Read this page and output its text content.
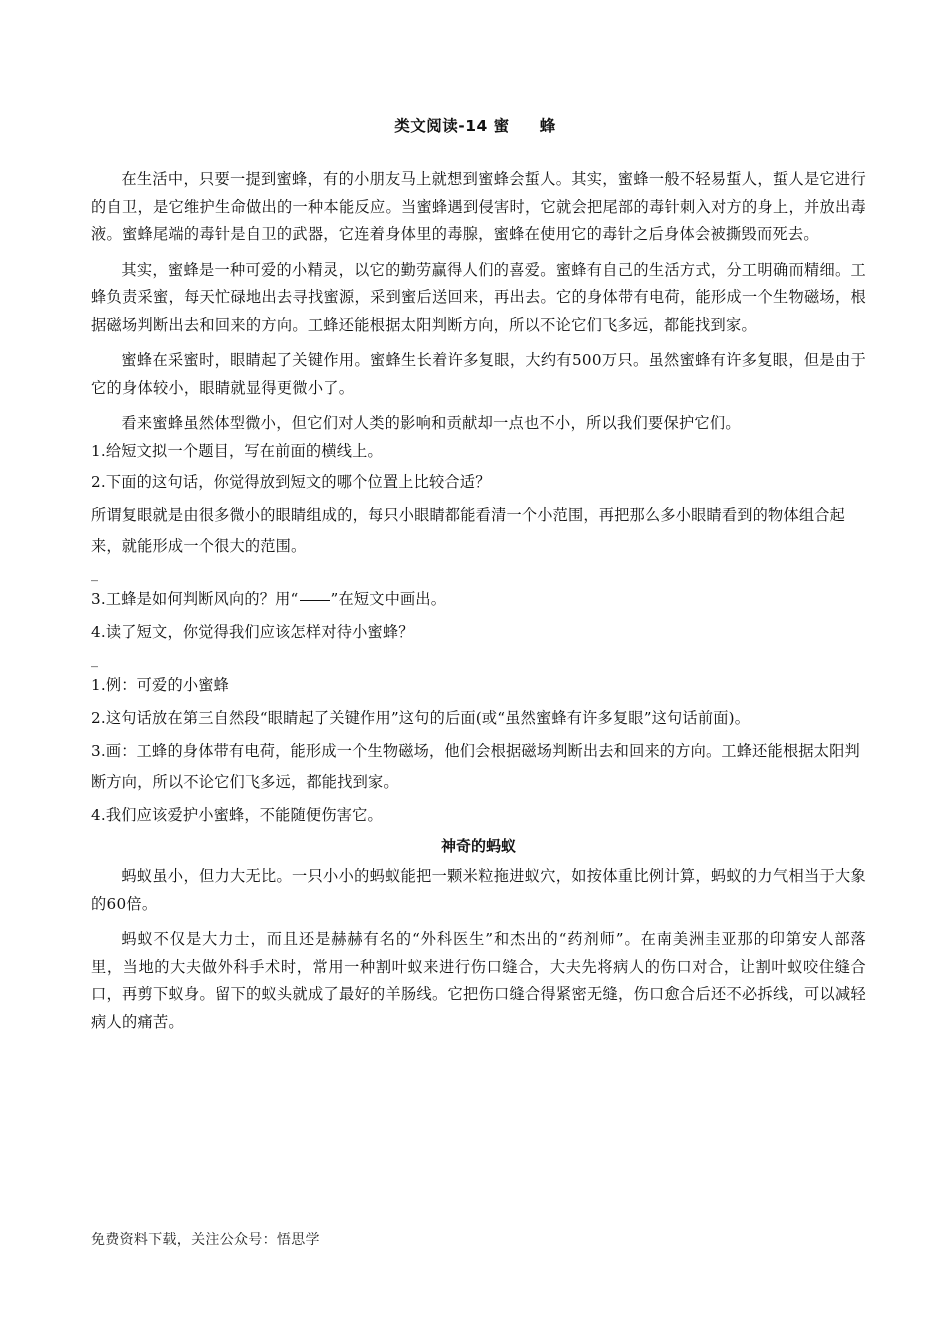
类文阅读-14 蜜 蜂

在生活中，只要一提到蜜蜂，有的小朋友马上就想到蜜蜂会蜇人。其实，蜜蜂一般不轻易蜇人，蜇人是它进行的自卫，是它维护生命做出的一种本能反应。当蜜蜂遇到侵害时，它就会把尾部的毒针刺入对方的身上，并放出毒液。蜜蜂尾端的毒针是自卫的武器，它连着身体里的毒腺，蜜蜂在使用它的毒针之后身体会被撕毁而死去。

其实，蜜蜂是一种可爱的小精灵，以它的勤劳赢得人们的喜爱。蜜蜂有自己的生活方式，分工明确而精细。工蜂负责采蜜，每天忙碌地出去寻找蜜源，采到蜜后送回来，再出去。它的身体带有电荷，能形成一个生物磁场，根据磁场判断出去和回来的方向。工蜂还能根据太阳判断方向，所以不论它们飞多远，都能找到家。

蜜蜂在采蜜时，眼睛起了关键作用。蜜蜂生长着许多复眼，大约有500万只。虽然蜜蜂有许多复眼，但是由于它的身体较小，眼睛就显得更微小了。

看来蜜蜂虽然体型微小，但它们对人类的影响和贡献却一点也不小，所以我们要保护它们。

1.给短文拟一个题目，写在前面的横线上。
2.下面的这句话，你觉得放到短文的哪个位置上比较合适？
所谓复眼就是由很多微小的眼睛组成的，每只小眼睛都能看清一个小范围，再把那么多小眼睛看到的物体组合起来，就能形成一个很大的范围。
_
3.工蜂是如何判断风向的？用“ ”在短文中画出。
4.读了短文，你觉得我们应该怎样对待小蜜蜂？
_
1.例：可爱的小蜜蜂
2.这句话放在第三自然段“眼睛起了关键作用”这句的后面(或“虽然蜜蜂有许多复眼”这句话前面)。
3.画：工蜂的身体带有电荷，能形成一个生物磁场，他们会根据磁场判断出去和回来的方向。工蜂还能根据太阳判断方向，所以不论它们飞多远，都能找到家。
4.我们应该爱护小蜜蜂，不能随便伤害它。
神奇的蚂蚁

蚂蚁虽小，但力大无比。一只小小的蚂蚁能把一颗米粒拖进蚁穴，如按体重比例计算，蚂蚁的力气相当于大象的60倍。

蚂蚁不仅是大力士，而且还是赫赫有名的“外科医生”和杰出的“药剂师”。在南美洲圭亚那的印第安人部落里，当地的大夫做外科手术时，常用一种割叶蚁来进行伤口缝合，大夫先将病人的伤口对合，让割叶蚁咬住缝合口，再剪下蚁身。留下的蚁头就成了最好的羊肠线。它把伤口缝合得紧密无缝，伤口愈合后还不必拆线，可以减轻病人的痛苦。

免费资料下载，关注公众号：悟思学
